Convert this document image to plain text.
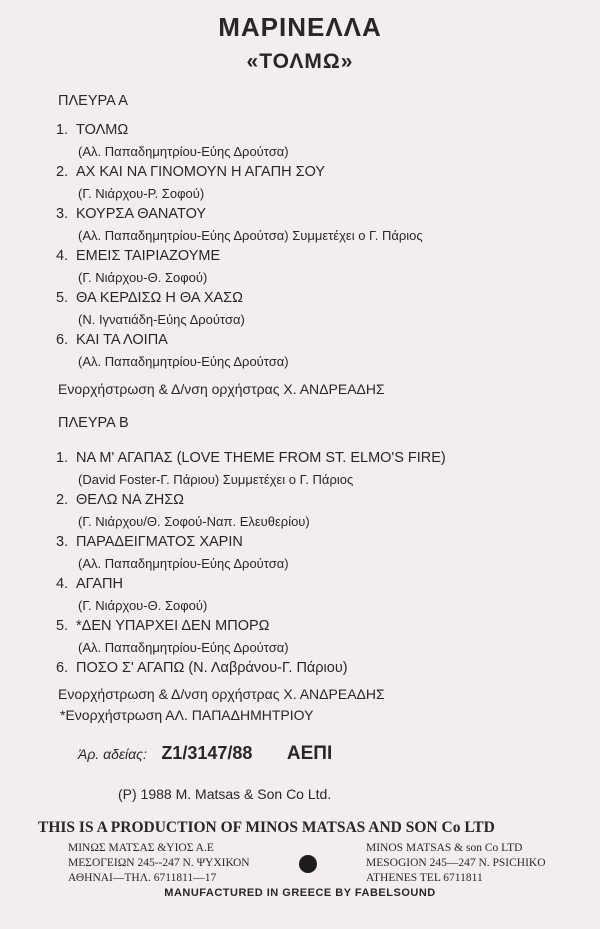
ΜΑΡΙΝΕΛΛΑ
«ΤΟΛΜΩ»
ΠΛΕΥΡΑ Α
1. ΤΟΛΜΩ
(Αλ. Παπαδημητρίου-Εύης Δρούτσα)
2. ΑΧ ΚΑΙ ΝΑ ΓΙΝΟΜΟΥΝ Η ΑΓΑΠΗ ΣΟΥ
(Γ. Νιάρχου-Ρ. Σοφού)
3. ΚΟΥΡΣΑ ΘΑΝΑΤΟΥ
(Αλ. Παπαδημητρίου-Εύης Δρούτσα) Συμμετέχει ο Γ. Πάριος
4. ΕΜΕΙΣ ΤΑΙΡΙΑΖΟΥΜΕ
(Γ. Νιάρχου-Θ. Σοφού)
5. ΘΑ ΚΕΡΔΙΣΩ Η ΘΑ ΧΑΣΩ
(Ν. Ιγνατιάδη-Εύης Δρούτσα)
6. ΚΑΙ ΤΑ ΛΟΙΠΑ
(Αλ. Παπαδημητρίου-Εύης Δρούτσα)
Ενορχήστρωση & Δ/νση ορχήστρας Χ. ΑΝΔΡΕΑΔΗΣ
ΠΛΕΥΡΑ Β
1. ΝΑ Μ' ΑΓΑΠΑΣ (LOVE THEME FROM ST. ELMO'S FIRE)
(David Foster-Γ. Πάριου) Συμμετέχει ο Γ. Πάριος
2. ΘΕΛΩ ΝΑ ΖΗΣΩ
(Γ. Νιάρχου/Θ. Σοφού-Ναπ. Ελευθερίου)
3. ΠΑΡΑΔΕΙΓΜΑΤΟΣ ΧΑΡΙΝ
(Αλ. Παπαδημητρίου-Εύης Δρούτσα)
4. ΑΓΑΠΗ
(Γ. Νιάρχου-Θ. Σοφού)
5. *ΔΕΝ ΥΠΑΡΧΕΙ ΔΕΝ ΜΠΟΡΩ
(Αλ. Παπαδημητρίου-Εύης Δρούτσα)
6. ΠΟΣΟ Σ' ΑΓΑΠΩ (Ν. Λαβράνου-Γ. Πάριου)
Ενορχήστρωση & Δ/νση ορχήστρας Χ. ΑΝΔΡΕΑΔΗΣ
*Ενορχήστρωση ΑΛ. ΠΑΠΑΔΗΜΗΤΡΙΟΥ
Άρ. αδείας: Ζ1/3147/88 ΑΕΠΙ
(P) 1988 M. Matsas & Son Co Ltd.
THIS IS A PRODUCTION OF MINOS MATSAS AND SON Co LTD
ΜΙΝΩΣ ΜΑΤΣΑΣ &ΥΙΟΣ Α.Ε
ΜΕΣΟΓΕΙΩΝ 245--247 Ν. ΨΥΧΙΚΟΝ
ΑΘΗΝΑΙ—ΤΗΛ. 6711811—17
MINOS MATSAS & son Co LTD
MESOGION 245—247 N. PSICHIKO
ATHENES TEL 6711811
MANUFACTURED IN GREECE BY FABELSOUND
